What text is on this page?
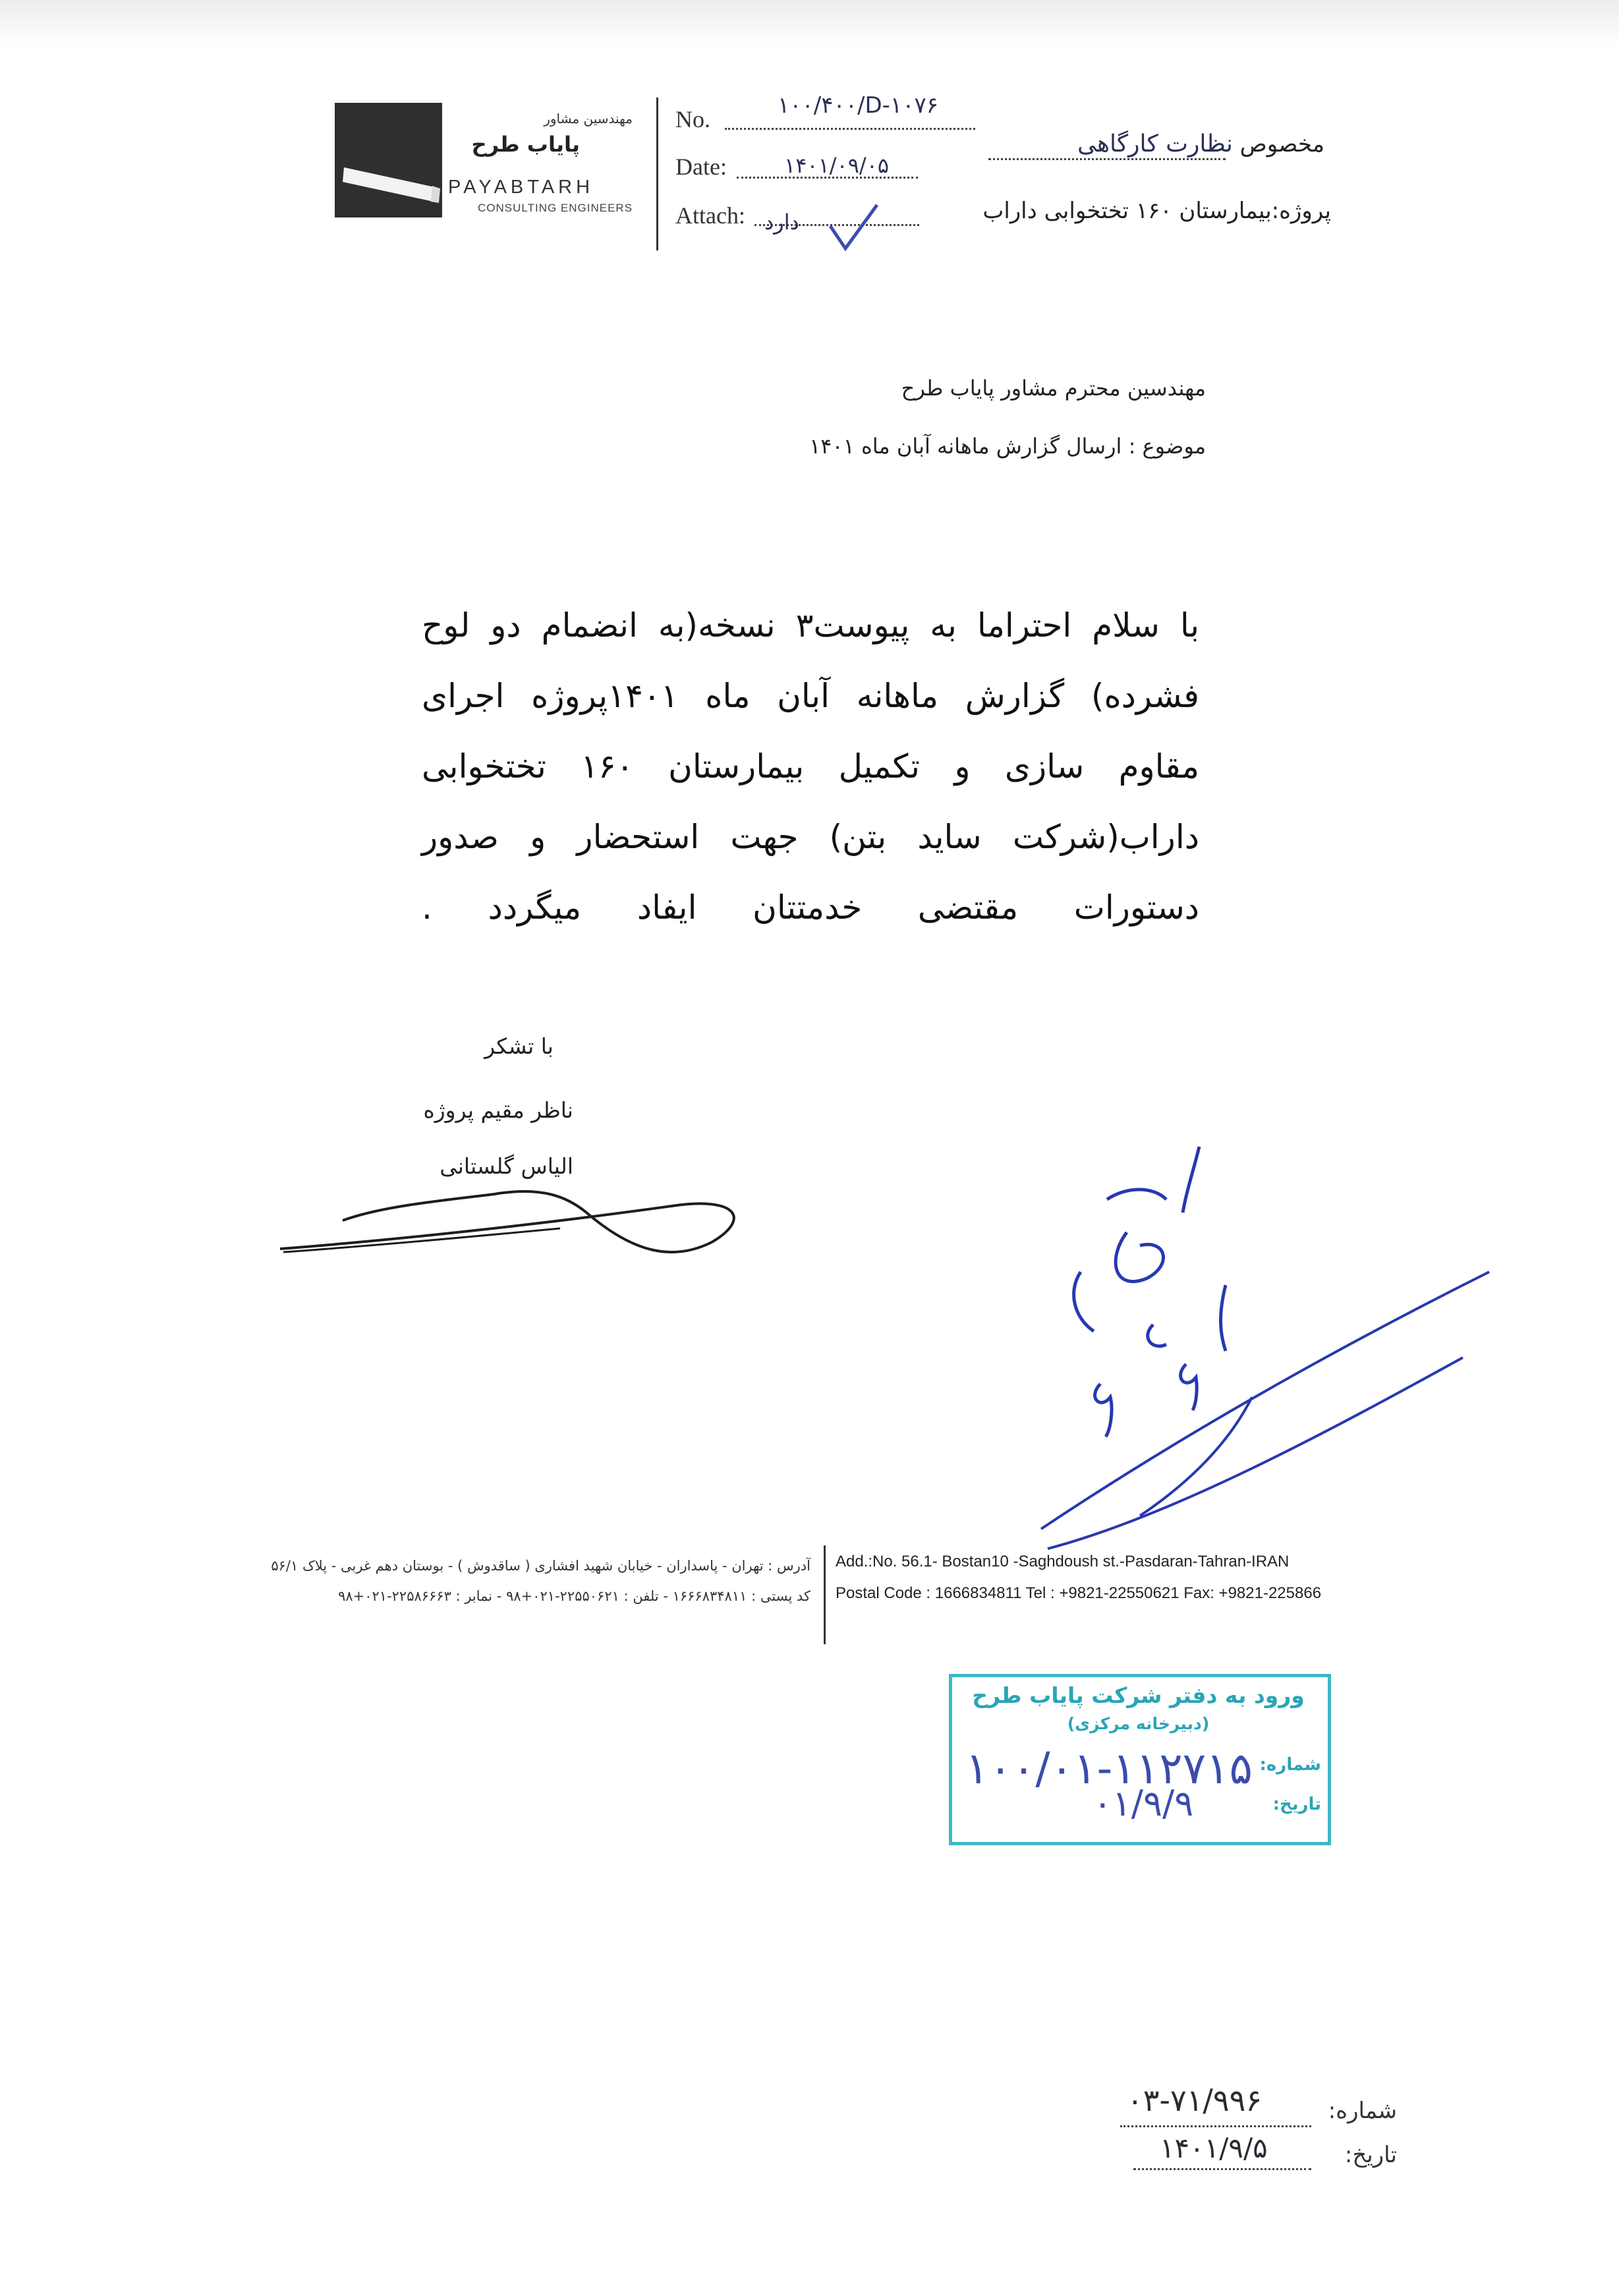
مهندسین مشاور
پایاب طرح
PAYABTARH
CONSULTING ENGINEERS
No.
۱۰۰/۴۰۰/D-۱۰۷۶
Date:	۱۴۰۱/۰۹/۰۵
Attach: دارد
مخصوص نظارت کارگاهی
پروژه:بیمارستان ۱۶۰ تختخوابی داراب
مهندسین محترم مشاور پایاب طرح
موضوع : ارسال گزارش ماهانه آبان ماه ۱۴۰۱
با سلام احتراما به پیوست۳ نسخه(به انضمام دو لوح
فشرده) گزارش ماهانه آبان ماه ۱۴۰۱پروژه اجرای
مقاوم سازی و تکمیل بیمارستان ۱۶۰ تختخوابی
داراب(شرکت ساید بتن) جهت استحضار و صدور
دستورات مقتضی خدمتتان ایفاد میگردد .
با تشکر
ناظر مقیم پروژه
الیاس گلستانی
آدرس : تهران - پاسداران - خیابان شهید افشاری ( ساقدوش ) - بوستان دهم غربی - پلاک ۵۶/۱
کد پستی : ۱۶۶۶۸۳۴۸۱۱ - تلفن : ۲۲۵۵۰۶۲۱-۰۲۱+۹۸ - نمابر : ۲۲۵۸۶۶۶۳-۰۲۱+۹۸
Add.:No. 56.1- Bostan10 -Saghdoush st.-Pasdaran-Tahran-IRAN
Postal Code : 1666834811 Tel : +9821-22550621 Fax: +9821-225866
ورود به دفتر شرکت پایاب طرح
(دبیرخانه مرکزی)
شماره:
۱۰۰/۰۱-۱۱۲۷۱۵
تاریخ:
۰۱/۹/۹
شماره:
۰۳-۷۱/۹۹۶
تاریخ:
۱۴۰۱/۹/۵
